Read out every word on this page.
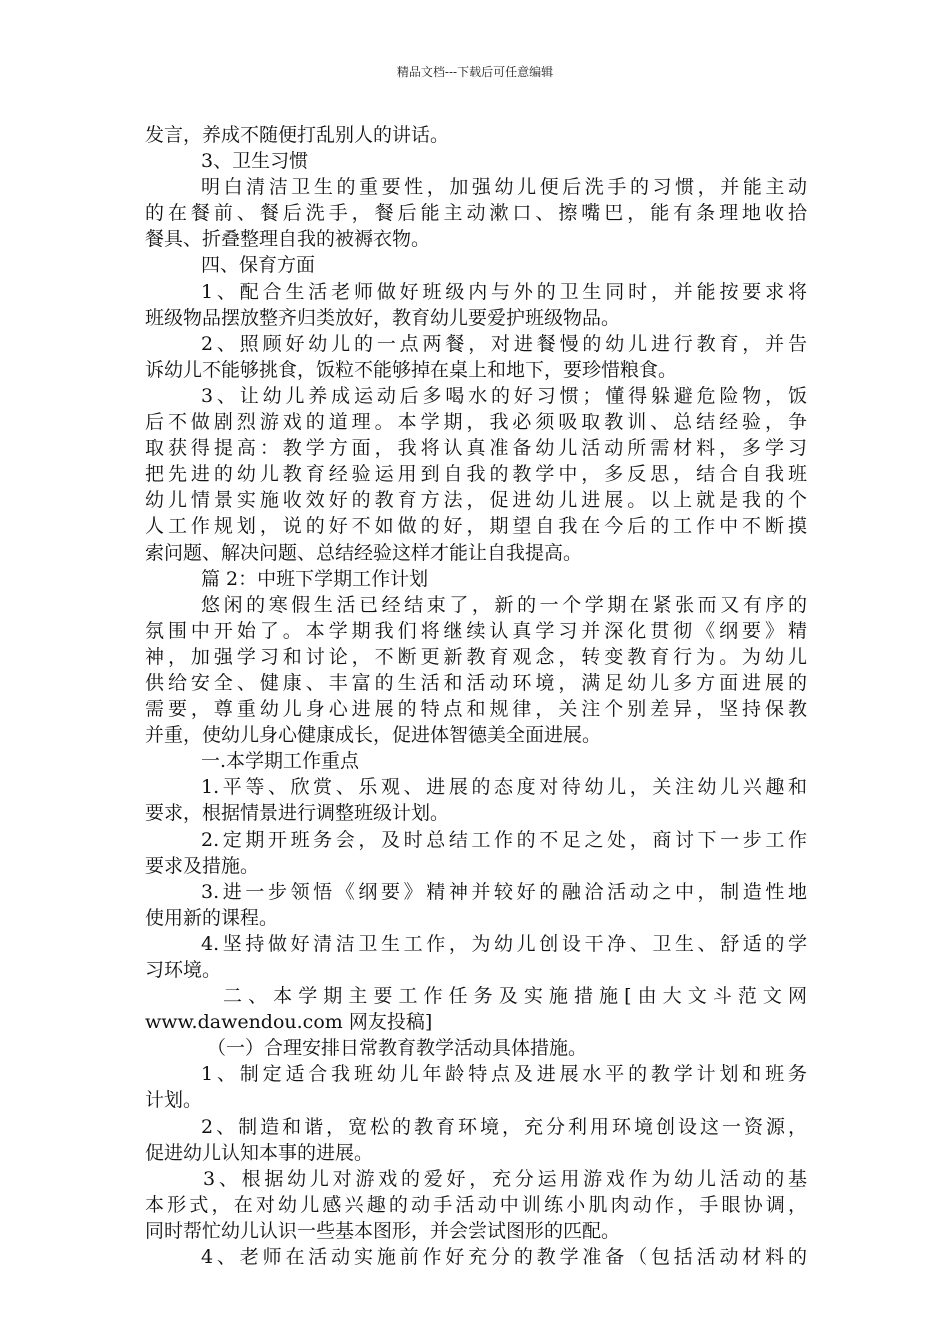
精品文档---下载后可任意编辑
发言，养成不随便打乱别人的讲话。
3、卫生习惯
明白清洁卫生的重要性，加强幼儿便后洗手的习惯，并能主动
的在餐前、餐后洗手，餐后能主动漱口、擦嘴巴，能有条理地收拾
餐具、折叠整理自我的被褥衣物。
四、保育方面
1、配合生活老师做好班级内与外的卫生同时，并能按要求将
班级物品摆放整齐归类放好，教育幼儿要爱护班级物品。
2、照顾好幼儿的一点两餐，对进餐慢的幼儿进行教育，并告
诉幼儿不能够挑食，饭粒不能够掉在桌上和地下，要珍惜粮食。
3、让幼儿养成运动后多喝水的好习惯；懂得躲避危险物，饭
后不做剧烈游戏的道理。本学期，我必须吸取教训、总结经验，争
取获得提高：教学方面，我将认真准备幼儿活动所需材料，多学习
把先进的幼儿教育经验运用到自我的教学中，多反思，结合自我班
幼儿情景实施收效好的教育方法，促进幼儿进展。以上就是我的个
人工作规划，说的好不如做的好，期望自我在今后的工作中不断摸
索问题、解决问题、总结经验这样才能让自我提高。
篇 2：中班下学期工作计划
悠闲的寒假生活已经结束了，新的一个学期在紧张而又有序的
氛围中开始了。本学期我们将继续认真学习并深化贯彻《纲要》精
神，加强学习和讨论，不断更新教育观念，转变教育行为。为幼儿
供给安全、健康、丰富的生活和活动环境，满足幼儿多方面进展的
需要，尊重幼儿身心进展的特点和规律，关注个别差异，坚持保教
并重，使幼儿身心健康成长，促进体智德美全面进展。
一.本学期工作重点
1.平等、欣赏、乐观、进展的态度对待幼儿，关注幼儿兴趣和
要求，根据情景进行调整班级计划。
2.定期开班务会，及时总结工作的不足之处，商讨下一步工作
要求及措施。
3.进一步领悟《纲要》精神并较好的融洽活动之中，制造性地
使用新的课程。
4.坚持做好清洁卫生工作，为幼儿创设干净、卫生、舒适的学
习环境。
二、本学期主要工作任务及实施措施[由大文斗范文网
www.dawendou.com 网友投稿]
（一）合理安排日常教育教学活动具体措施。
1、制定适合我班幼儿年龄特点及进展水平的教学计划和班务
计划。
2、制造和谐，宽松的教育环境，充分利用环境创设这一资源，
促进幼儿认知本事的进展。
3、根据幼儿对游戏的爱好，充分运用游戏作为幼儿活动的基
本形式，在对幼儿感兴趣的动手活动中训练小肌肉动作，手眼协调，
同时帮忙幼儿认识一些基本图形，并会尝试图形的匹配。
4、老师在活动实施前作好充分的教学准备（包括活动材料的
